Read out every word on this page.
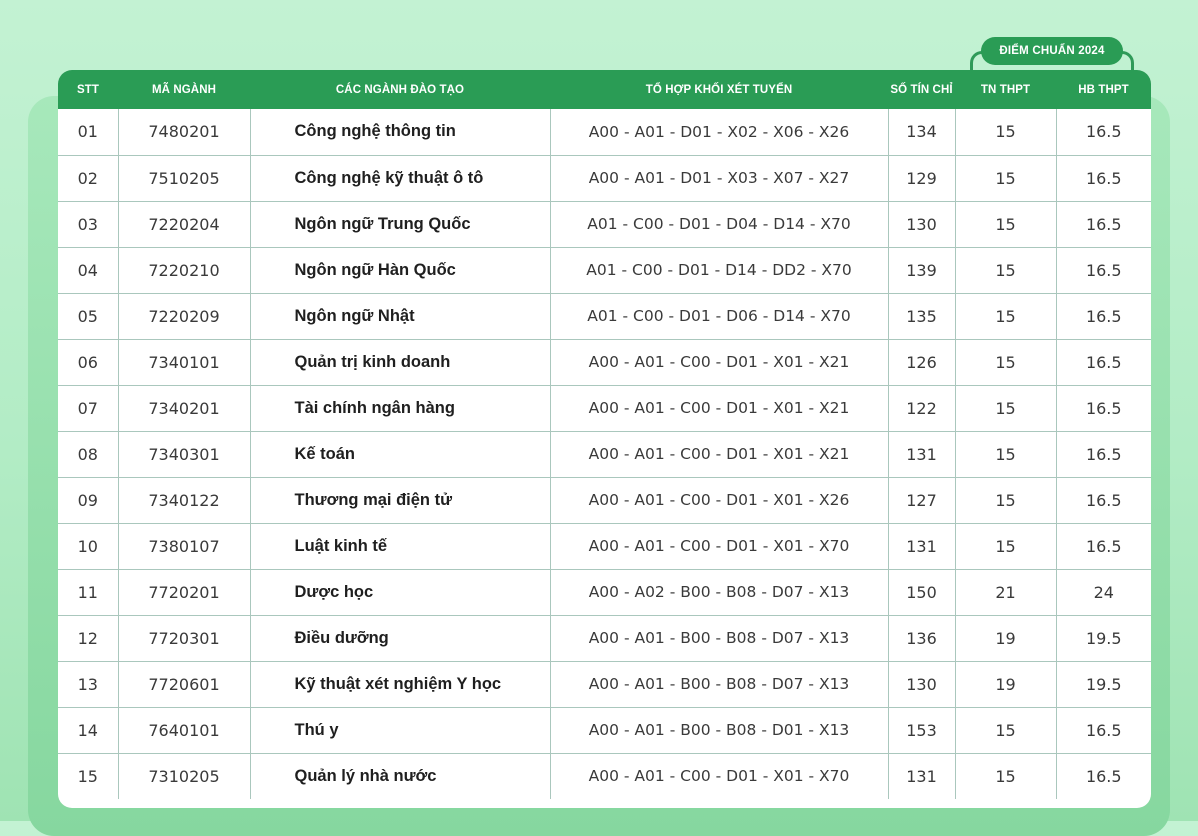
ĐIỂM CHUẨN 2024
STT	MÃ NGÀNH	CÁC NGÀNH ĐÀO TẠO	TỔ HỢP KHỐI XÉT TUYỂN	SỐ TÍN CHỈ	TN THPT	HB THPT
01	7480201	Công nghệ thông tin	A00 - A01 - D01 - X02 - X06 - X26	134	15	16.5
02	7510205	Công nghệ kỹ thuật ô tô	A00 - A01 - D01 - X03 - X07 - X27	129	15	16.5
03	7220204	Ngôn ngữ Trung Quốc	A01 - C00 - D01 - D04 - D14 - X70	130	15	16.5
04	7220210	Ngôn ngữ Hàn Quốc	A01 - C00 - D01 - D14 - DD2 - X70	139	15	16.5
05	7220209	Ngôn ngữ Nhật	A01 - C00 - D01 - D06 - D14 - X70	135	15	16.5
06	7340101	Quản trị kinh doanh	A00 - A01 - C00 - D01 - X01 - X21	126	15	16.5
07	7340201	Tài chính ngân hàng	A00 - A01 - C00 - D01 - X01 - X21	122	15	16.5
08	7340301	Kế toán	A00 - A01 - C00 - D01 - X01 - X21	131	15	16.5
09	7340122	Thương mại điện tử	A00 - A01 - C00 - D01 - X01 - X26	127	15	16.5
10	7380107	Luật kinh tế	A00 - A01 - C00 - D01 - X01 - X70	131	15	16.5
11	7720201	Dược học	A00 - A02 - B00 - B08 - D07 - X13	150	21	24
12	7720301	Điều dưỡng	A00 - A01 - B00 - B08 - D07 - X13	136	19	19.5
13	7720601	Kỹ thuật xét nghiệm Y học	A00 - A01 - B00 - B08 - D07 - X13	130	19	19.5
14	7640101	Thú y	A00 - A01 - B00 - B08 - D01 - X13	153	15	16.5
15	7310205	Quản lý nhà nước	A00 - A01 - C00 - D01 - X01 - X70	131	15	16.5
